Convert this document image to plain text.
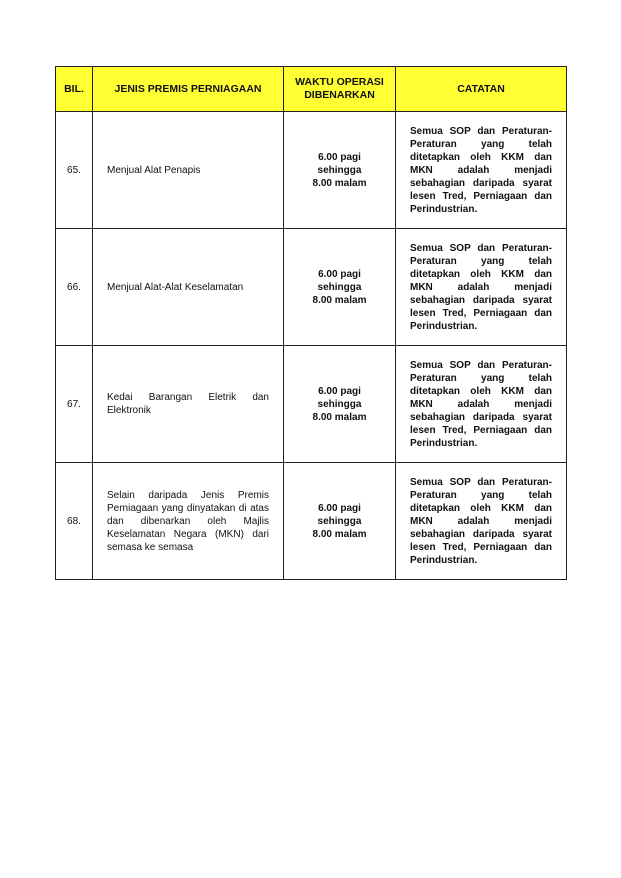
BIL.	JENIS PREMIS PERNIAGAAN	WAKTU OPERASI
DIBENARKAN	CATATAN
65.	Menjual Alat Penapis	6.00 pagi
sehingga
8.00 malam	Semua SOP dan Peraturan-Peraturan yang telah ditetapkan oleh KKM dan MKN adalah menjadi sebahagian daripada syarat lesen Tred, Perniagaan dan Perindustrian.
66.	Menjual Alat-Alat Keselamatan	6.00 pagi
sehingga
8.00 malam	Semua SOP dan Peraturan-Peraturan yang telah ditetapkan oleh KKM dan MKN adalah menjadi sebahagian daripada syarat lesen Tred, Perniagaan dan Perindustrian.
67.	Kedai Barangan Eletrik dan Elektronik	6.00 pagi
sehingga
8.00 malam	Semua SOP dan Peraturan-Peraturan yang telah ditetapkan oleh KKM dan MKN adalah menjadi sebahagian daripada syarat lesen Tred, Perniagaan dan Perindustrian.
68.	Selain daripada Jenis Premis Perniagaan yang dinyatakan di atas dan dibenarkan oleh Majlis Keselamatan Negara (MKN) dari semasa ke semasa	6.00 pagi
sehingga
8.00 malam	Semua SOP dan Peraturan-Peraturan yang telah ditetapkan oleh KKM dan MKN adalah menjadi sebahagian daripada syarat lesen Tred, Perniagaan dan Perindustrian.
